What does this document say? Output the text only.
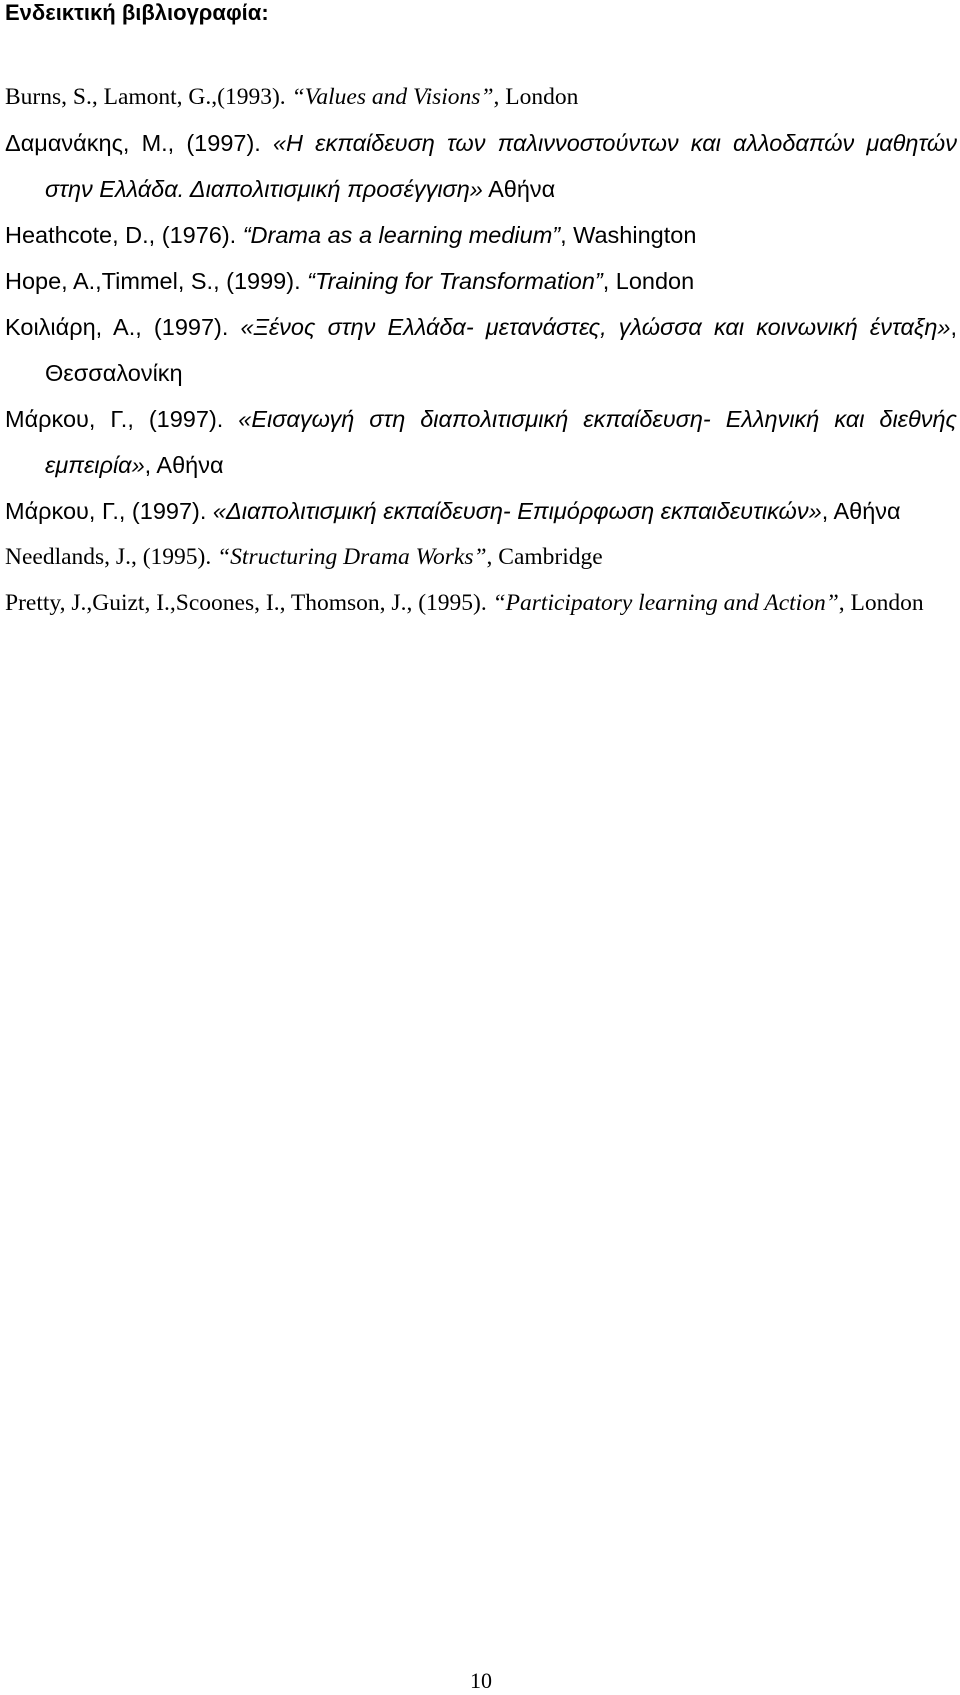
Ενδεικτική βιβλιογραφία:

Burns, S., Lamont, G.,(1993). “Values and Visions”, London

Δαμανάκης, Μ., (1997). «Η εκπαίδευση των παλιννοστούντων και αλλοδαπών μαθητών στην Ελλάδα. Διαπολιτισμική προσέγγιση» Αθήνα

Heathcote, D., (1976). “Drama as a learning medium”, Washington

Hope, A.,Timmel, S., (1999). “Training for Transformation”, London

Κοιλιάρη, Α., (1997). «Ξένος στην Ελλάδα- μετανάστες, γλώσσα και κοινωνική ένταξη», Θεσσαλονίκη

Μάρκου, Γ., (1997). «Εισαγωγή στη διαπολιτισμική εκπαίδευση- Ελληνική και διεθνής εμπειρία», Αθήνα

Μάρκου, Γ., (1997). «Διαπολιτισμική εκπαίδευση- Επιμόρφωση εκπαιδευτικών», Αθήνα

Needlands, J., (1995). “Structuring Drama Works”, Cambridge

Pretty, J.,Guizt, I.,Scoones, I., Thomson, J., (1995). “Participatory learning and Action”, London

10
